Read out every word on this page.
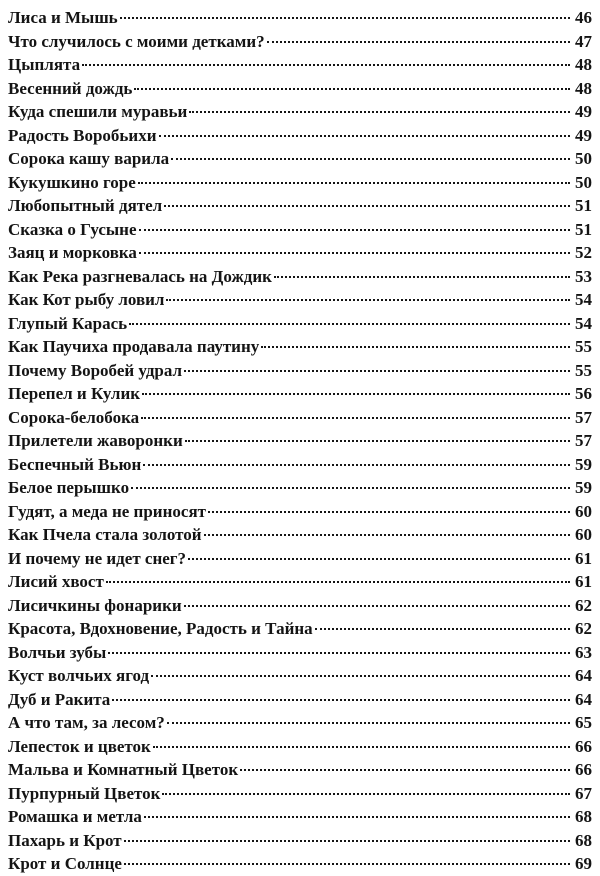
Лиса и Мышь	46
Что случилось с моими детками?	47
Цыплята	48
Весенний дождь	48
Куда спешили муравьи	49
Радость Воробьихи	49
Сорока кашу варила	50
Кукушкино горе	50
Любопытный дятел	51
Сказка о Гусыне	51
Заяц и морковка	52
Как Река разгневалась на Дождик	53
Как Кот рыбу ловил	54
Глупый Карась	54
Как Паучиха продавала паутину	55
Почему Воробей удрал	55
Перепел и Кулик	56
Сорока-белобока	57
Прилетели жаворонки	57
Беспечный Вьюн	59
Белое перышко	59
Гудят, а меда не приносят	60
Как Пчела стала золотой	60
И почему не идет снег?	61
Лисий хвост	61
Лисичкины фонарики	62
Красота, Вдохновение, Радость и Тайна	62
Волчьи зубы	63
Куст волчьих ягод	64
Дуб и Ракита	64
А что там, за лесом?	65
Лепесток и цветок	66
Мальва и Комнатный Цветок	66
Пурпурный Цветок	67
Ромашка и метла	68
Пахарь и Крот	68
Крот и Солнце	69
